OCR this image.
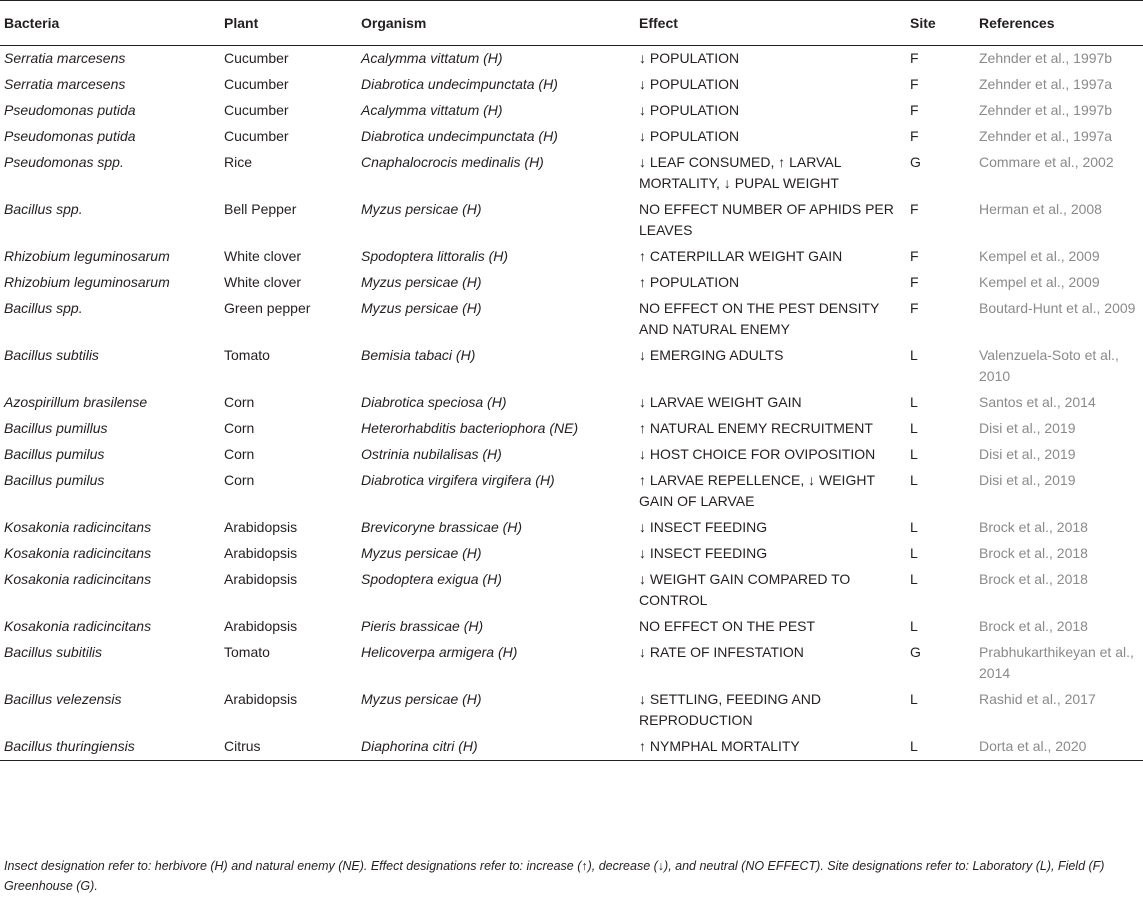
Bacteria	Plant	Organism	Effect	Site	References
Serratia marcesens	Cucumber	Acalymma vittatum (H)	↓ POPULATION	F	Zehnder et al., 1997b
Serratia marcesens	Cucumber	Diabrotica undecimpunctata (H)	↓ POPULATION	F	Zehnder et al., 1997a
Pseudomonas putida	Cucumber	Acalymma vittatum (H)	↓ POPULATION	F	Zehnder et al., 1997b
Pseudomonas putida	Cucumber	Diabrotica undecimpunctata (H)	↓ POPULATION	F	Zehnder et al., 1997a
Pseudomonas spp.	Rice	Cnaphalocrocis medinalis (H)	↓ LEAF CONSUMED, ↑ LARVAL MORTALITY, ↓ PUPAL WEIGHT	G	Commare et al., 2002
Bacillus spp.	Bell Pepper	Myzus persicae (H)	NO EFFECT NUMBER OF APHIDS PER LEAVES	F	Herman et al., 2008
Rhizobium leguminosarum	White clover	Spodoptera littoralis (H)	↑ CATERPILLAR WEIGHT GAIN	F	Kempel et al., 2009
Rhizobium leguminosarum	White clover	Myzus persicae (H)	↑ POPULATION	F	Kempel et al., 2009
Bacillus spp.	Green pepper	Myzus persicae (H)	NO EFFECT ON THE PEST DENSITY AND NATURAL ENEMY	F	Boutard-Hunt et al., 2009
Bacillus subtilis	Tomato	Bemisia tabaci (H)	↓ EMERGING ADULTS	L	Valenzuela-Soto et al., 2010
Azospirillum brasilense	Corn	Diabrotica speciosa (H)	↓ LARVAE WEIGHT GAIN	L	Santos et al., 2014
Bacillus pumillus	Corn	Heterorhabditis bacteriophora (NE)	↑ NATURAL ENEMY RECRUITMENT	L	Disi et al., 2019
Bacillus pumilus	Corn	Ostrinia nubilalisas (H)	↓ HOST CHOICE FOR OVIPOSITION	L	Disi et al., 2019
Bacillus pumilus	Corn	Diabrotica virgifera virgifera (H)	↑ LARVAE REPELLENCE, ↓ WEIGHT GAIN OF LARVAE	L	Disi et al., 2019
Kosakonia radicincitans	Arabidopsis	Brevicoryne brassicae (H)	↓ INSECT FEEDING	L	Brock et al., 2018
Kosakonia radicincitans	Arabidopsis	Myzus persicae (H)	↓ INSECT FEEDING	L	Brock et al., 2018
Kosakonia radicincitans	Arabidopsis	Spodoptera exigua (H)	↓ WEIGHT GAIN COMPARED TO CONTROL	L	Brock et al., 2018
Kosakonia radicincitans	Arabidopsis	Pieris brassicae (H)	NO EFFECT ON THE PEST	L	Brock et al., 2018
Bacillus subitilis	Tomato	Helicoverpa armigera (H)	↓ RATE OF INFESTATION	G	Prabhukarthikeyan et al., 2014
Bacillus velezensis	Arabidopsis	Myzus persicae (H)	↓ SETTLING, FEEDING AND REPRODUCTION	L	Rashid et al., 2017
Bacillus thuringiensis	Citrus	Diaphorina citri (H)	↑ NYMPHAL MORTALITY	L	Dorta et al., 2020
Insect designation refer to: herbivore (H) and natural enemy (NE). Effect designations refer to: increase (↑), decrease (↓), and neutral (NO EFFECT). Site designations refer to: Laboratory (L), Field (F) Greenhouse (G).
